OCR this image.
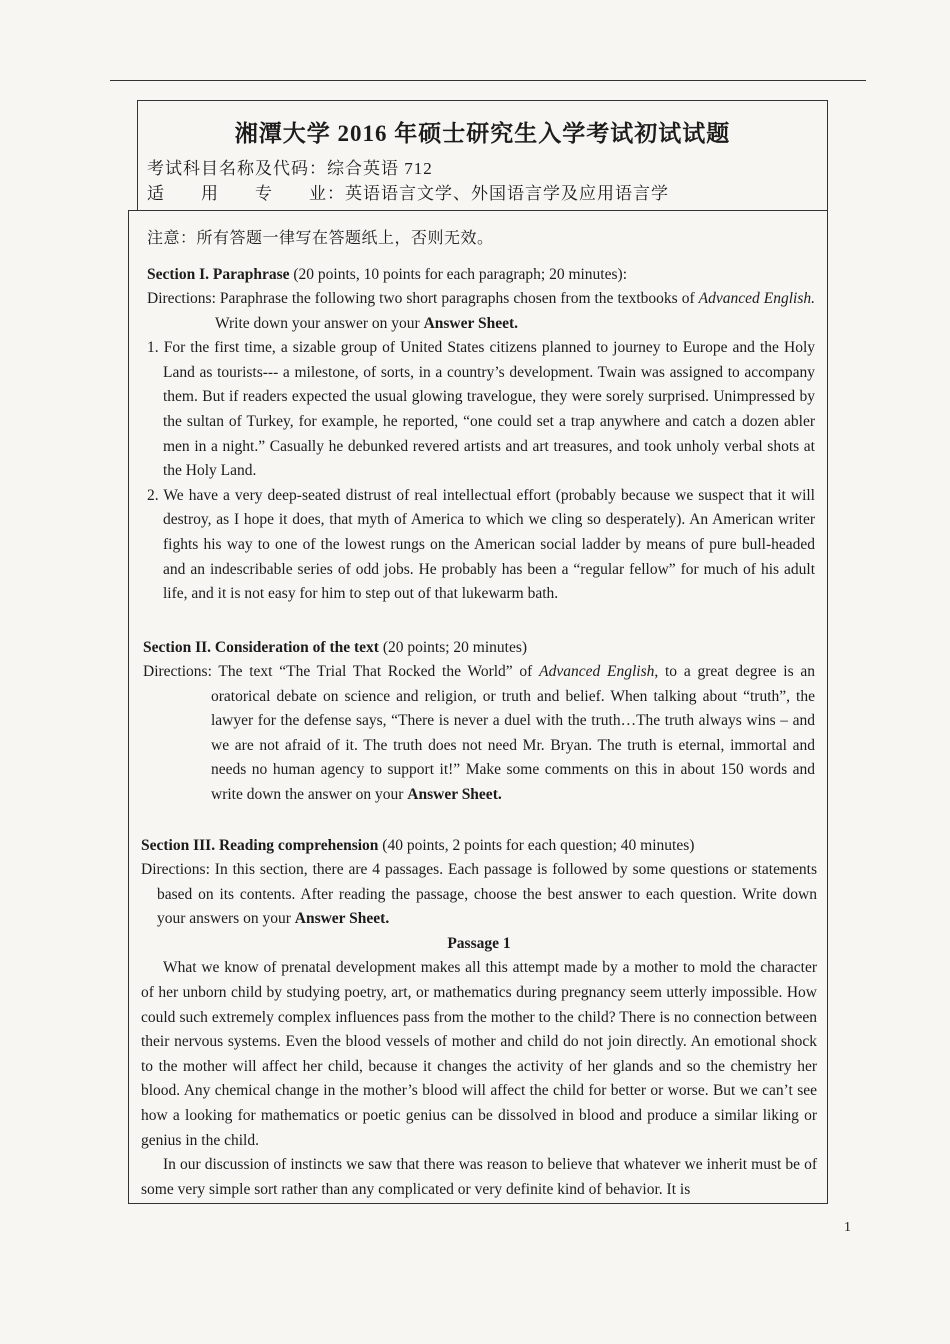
湘潭大学 2016 年硕士研究生入学考试初试试题
考试科目名称及代码：综合英语 712
适 用 专 业：英语语言文学、外国语言学及应用语言学
注意：所有答题一律写在答题纸上，否则无效。

Section I. Paraphrase (20 points, 10 points for each paragraph; 20 minutes):

Directions: Paraphrase the following two short paragraphs chosen from the textbooks of Advanced English. Write down your answer on your Answer Sheet.

1. For the first time, a sizable group of United States citizens planned to journey to Europe and the Holy Land as tourists--- a milestone, of sorts, in a country’s development. Twain was assigned to accompany them. But if readers expected the usual glowing travelogue, they were sorely surprised. Unimpressed by the sultan of Turkey, for example, he reported, “one could set a trap anywhere and catch a dozen abler men in a night.” Casually he debunked revered artists and art treasures, and took unholy verbal shots at the Holy Land.

2. We have a very deep-seated distrust of real intellectual effort (probably because we suspect that it will destroy, as I hope it does, that myth of America to which we cling so desperately). An American writer fights his way to one of the lowest rungs on the American social ladder by means of pure bull-headed and an indescribable series of odd jobs. He probably has been a “regular fellow” for much of his adult life, and it is not easy for him to step out of that lukewarm bath.

Section II. Consideration of the text (20 points; 20 minutes)

Directions: The text “The Trial That Rocked the World” of Advanced English, to a great degree is an oratorical debate on science and religion, or truth and belief. When talking about “truth”, the lawyer for the defense says, “There is never a duel with the truth…The truth always wins – and we are not afraid of it. The truth does not need Mr. Bryan. The truth is eternal, immortal and needs no human agency to support it!” Make some comments on this in about 150 words and write down the answer on your Answer Sheet.

Section III. Reading comprehension (40 points, 2 points for each question; 40 minutes)

Directions: In this section, there are 4 passages. Each passage is followed by some questions or statements based on its contents. After reading the passage, choose the best answer to each question. Write down your answers on your Answer Sheet.

Passage 1

What we know of prenatal development makes all this attempt made by a mother to mold the character of her unborn child by studying poetry, art, or mathematics during pregnancy seem utterly impossible. How could such extremely complex influences pass from the mother to the child? There is no connection between their nervous systems. Even the blood vessels of mother and child do not join directly. An emotional shock to the mother will affect her child, because it changes the activity of her glands and so the chemistry her blood. Any chemical change in the mother’s blood will affect the child for better or worse. But we can’t see how a looking for mathematics or poetic genius can be dissolved in blood and produce a similar liking or genius in the child.

In our discussion of instincts we saw that there was reason to believe that whatever we inherit must be of some very simple sort rather than any complicated or very definite kind of behavior. It is

1
